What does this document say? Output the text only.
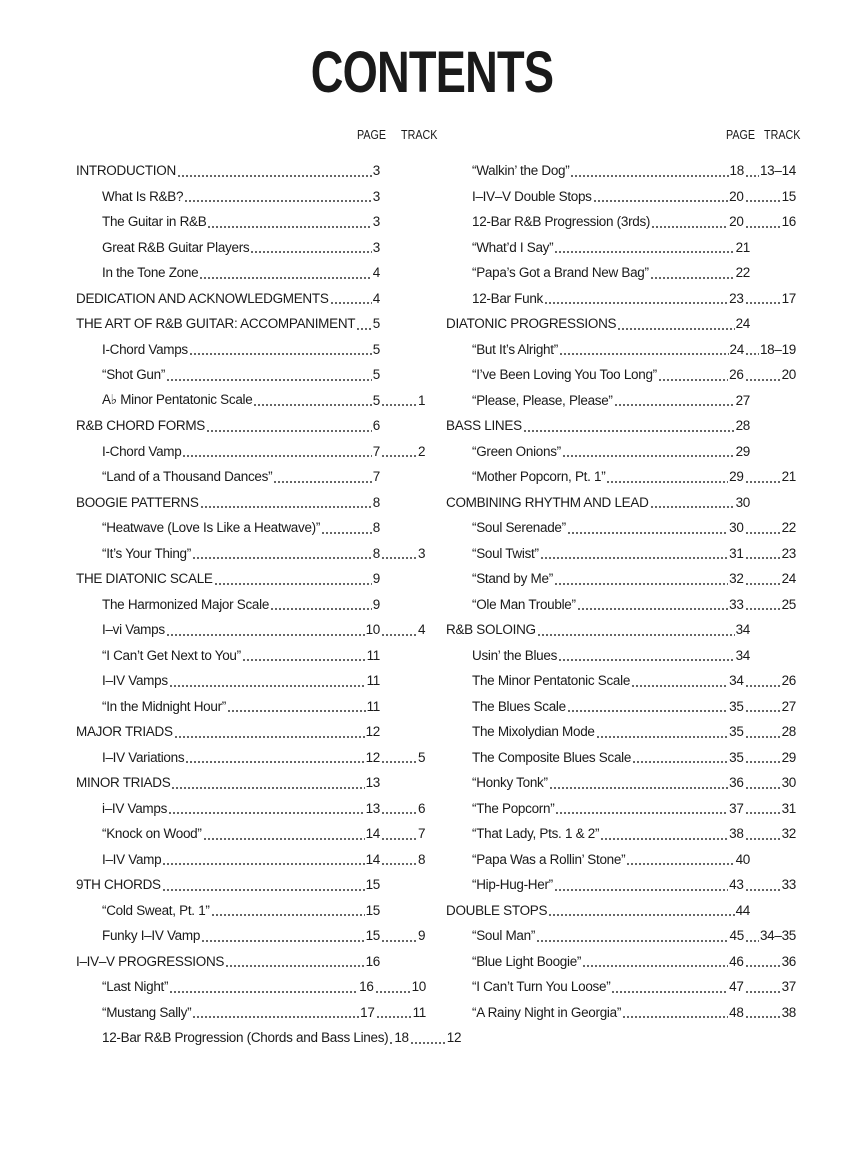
CONTENTS
PAGE TRACK
INTRODUCTION	3
What Is R&B?	3
The Guitar in R&B	3
Great R&B Guitar Players	3
In the Tone Zone	4
DEDICATION AND ACKNOWLEDGMENTS	4
THE ART OF R&B GUITAR: ACCOMPANIMENT 5
I-Chord Vamps	5
“Shot Gun”	5
A♭ Minor Pentatonic Scale	5	1
R&B CHORD FORMS	6
I-Chord Vamp	7	2
“Land of a Thousand Dances”	7
BOOGIE PATTERNS	8
“Heatwave (Love Is Like a Heatwave)”	8
“It’s Your Thing”	8	3
THE DIATONIC SCALE	9
The Harmonized Major Scale	9
I–vi Vamps	10	4
“I Can’t Get Next to You”	11
I–IV Vamps	11
“In the Midnight Hour”	11
MAJOR TRIADS	12
I–IV Variations	12	5
MINOR TRIADS	13
i–IV Vamps	13	6
“Knock on Wood”	14	7
I–IV Vamp	14	8
9TH CHORDS	15
“Cold Sweat, Pt. 1”	15
Funky I–IV Vamp	15	9
I–IV–V PROGRESSIONS	16
“Last Night”	16	10
“Mustang Sally”	17	11
12-Bar R&B Progression (Chords and Bass Lines) 18	12
PAGE TRACK
“Walkin’ the Dog”	18 13–14
I–IV–V Double Stops	20	15
12-Bar R&B Progression (3rds)	20	16
“What’d I Say”	21
“Papa’s Got a Brand New Bag”	22
12-Bar Funk	23	17
DIATONIC PROGRESSIONS	24
“But It’s Alright”	24 18–19
“I’ve Been Loving You Too Long”	26	20
“Please, Please, Please”	27
BASS LINES	28
“Green Onions”	29
“Mother Popcorn, Pt. 1”	29	21
COMBINING RHYTHM AND LEAD	30
“Soul Serenade”	30	22
“Soul Twist”	31	23
“Stand by Me”	32	24
“Ole Man Trouble”	33	25
R&B SOLOING	34
Usin’ the Blues	34
The Minor Pentatonic Scale	34	26
The Blues Scale	35	27
The Mixolydian Mode	35	28
The Composite Blues Scale	35	29
“Honky Tonk”	36	30
“The Popcorn”	37	31
“That Lady, Pts. 1 & 2”	38	32
“Papa Was a Rollin’ Stone”	40
“Hip-Hug-Her”	43	33
DOUBLE STOPS	44
“Soul Man”	45 34–35
“Blue Light Boogie”	46	36
“I Can’t Turn You Loose”	47	37
“A Rainy Night in Georgia”	48	38
